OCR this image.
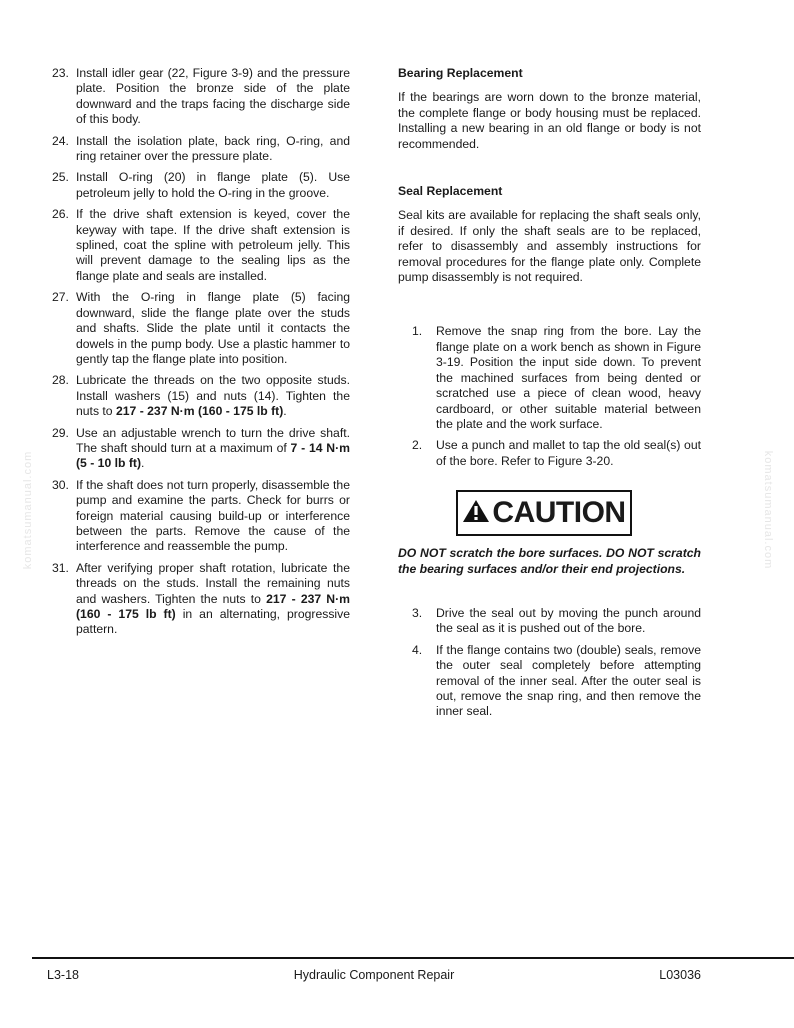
komatsumanual.com	komatsumanual.com
23. Install idler gear (22, Figure 3-9) and the pressure plate. Position the bronze side of the plate downward and the traps facing the discharge side of this body.
24. Install the isolation plate, back ring, O-ring, and ring retainer over the pressure plate.
25. Install O-ring (20) in flange plate (5). Use petroleum jelly to hold the O-ring in the groove.
26. If the drive shaft extension is keyed, cover the keyway with tape. If the drive shaft extension is splined, coat the spline with petroleum jelly. This will prevent damage to the sealing lips as the flange plate and seals are installed.
27. With the O-ring in flange plate (5) facing downward, slide the flange plate over the studs and shafts. Slide the plate until it contacts the dowels in the pump body. Use a plastic hammer to gently tap the flange plate into position.
28. Lubricate the threads on the two opposite studs. Install washers (15) and nuts (14). Tighten the nuts to 217 - 237 N·m (160 - 175 lb ft).
29. Use an adjustable wrench to turn the drive shaft. The shaft should turn at a maximum of 7 - 14 N·m (5 - 10 lb ft).
30. If the shaft does not turn properly, disassemble the pump and examine the parts. Check for burrs or foreign material causing build-up or interference between the parts. Remove the cause of the interference and reassemble the pump.
31. After verifying proper shaft rotation, lubricate the threads on the studs. Install the remaining nuts and washers. Tighten the nuts to 217 - 237 N·m (160 - 175 lb ft) in an alternating, progressive pattern.
Bearing Replacement

If the bearings are worn down to the bronze material, the complete flange or body housing must be replaced. Installing a new bearing in an old flange or body is not recommended.

Seal Replacement

Seal kits are available for replacing the shaft seals only, if desired. If only the shaft seals are to be replaced, refer to disassembly and assembly instructions for removal procedures for the flange plate only. Complete pump disassembly is not required.

1.	Remove the snap ring from the bore. Lay the flange plate on a work bench as shown in Figure 3-19. Position the input side down. To prevent the machined surfaces from being dented or scratched use a piece of clean wood, heavy cardboard, or other suitable material between the plate and the work surface.
2.	Use a punch and mallet to tap the old seal(s) out of the bore. Refer to Figure 3-20.
CAUTION
DO NOT scratch the bore surfaces. DO NOT scratch the bearing surfaces and/or their end projections.
3.	Drive the seal out by moving the punch around the seal as it is pushed out of the bore.
4.	If the flange contains two (double) seals, remove the outer seal completely before attempting removal of the inner seal. After the outer seal is out, remove the snap ring, and then remove the inner seal.
L3-18	Hydraulic Component Repair	L03036
